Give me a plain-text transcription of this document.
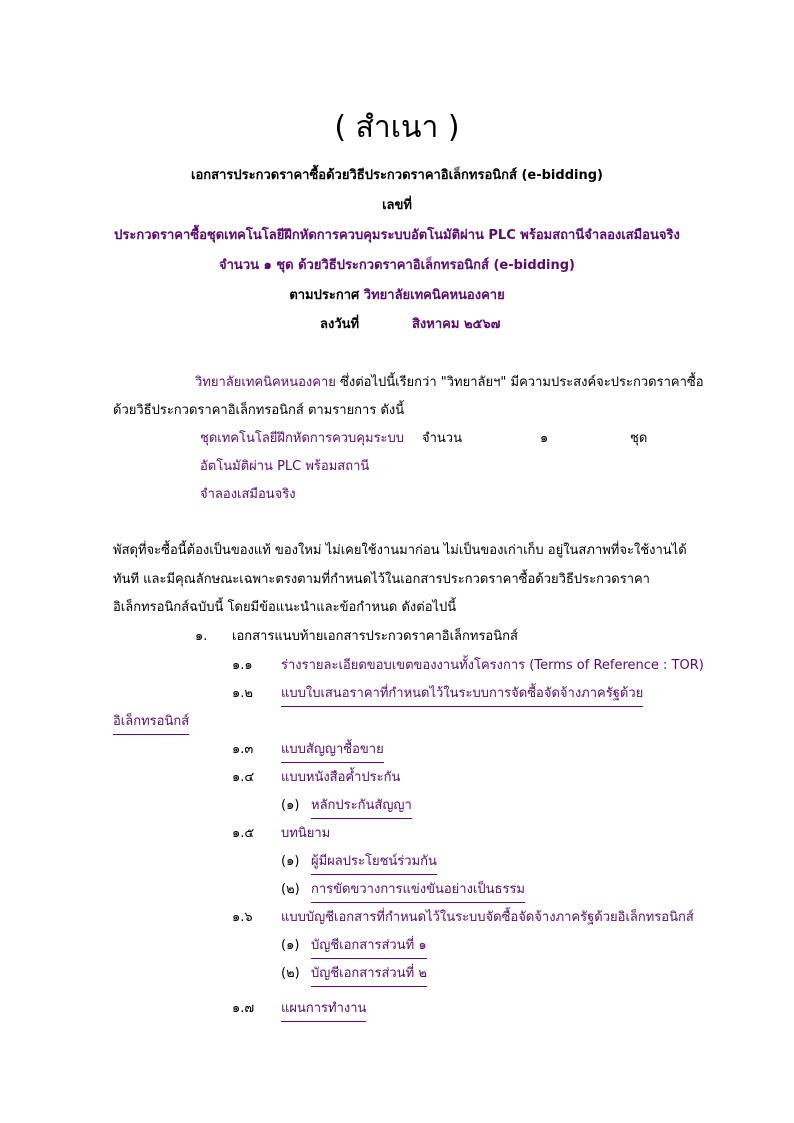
( สำเนา )
เอกสารประกวดราคาซื้อด้วยวิธีประกวดราคาอิเล็กทรอนิกส์ (e-bidding)
เลขที่
ประกวดราคาซื้อชุดเทคโนโลยีฝึกหัดการควบคุมระบบอัตโนมัติผ่าน PLC พร้อมสถานีจำลองเสมือนจริง
จำนวน ๑ ชุด ด้วยวิธีประกวดราคาอิเล็กทรอนิกส์ (e-bidding)
ตามประกาศ วิทยาลัยเทคนิคหนองคาย
ลงวันที่	สิงหาคม ๒๕๖๗
วิทยาลัยเทคนิคหนองคาย ซึ่งต่อไปนี้เรียกว่า "วิทยาลัยฯ" มีความประสงค์จะประกวดราคาซื้อ
ด้วยวิธีประกวดราคาอิเล็กทรอนิกส์ ตามรายการ ดังนี้
ชุดเทคโนโลยีฝึกหัดการควบคุมระบบ จำนวน	๑	ชุด
อัตโนมัติผ่าน PLC พร้อมสถานี
จำลองเสมือนจริง
พัสดุที่จะซื้อนี้ต้องเป็นของแท้ ของใหม่ ไม่เคยใช้งานมาก่อน ไม่เป็นของเก่าเก็บ อยู่ในสภาพที่จะใช้งานได้
ทันที และมีคุณลักษณะเฉพาะตรงตามที่กำหนดไว้ในเอกสารประกวดราคาซื้อด้วยวิธีประกวดราคา
อิเล็กทรอนิกส์ฉบับนี้ โดยมีข้อแนะนำและข้อกำหนด ดังต่อไปนี้
๑. เอกสารแนบท้ายเอกสารประกวดราคาอิเล็กทรอนิกส์
๑.๑ ร่างรายละเอียดขอบเขตของงานทั้งโครงการ (Terms of Reference : TOR)
๑.๒ แบบใบเสนอราคาที่กำหนดไว้ในระบบการจัดซื้อจัดจ้างภาครัฐด้วย
อิเล็กทรอนิกส์
๑.๓ แบบสัญญาซื้อขาย
๑.๔ แบบหนังสือค้ำประกัน
(๑) หลักประกันสัญญา
๑.๕ บทนิยาม
(๑) ผู้มีผลประโยชน์ร่วมกัน
(๒) การขัดขวางการแข่งขันอย่างเป็นธรรม
๑.๖ แบบบัญชีเอกสารที่กำหนดไว้ในระบบจัดซื้อจัดจ้างภาครัฐด้วยอิเล็กทรอนิกส์
(๑) บัญชีเอกสารส่วนที่ ๑
(๒) บัญชีเอกสารส่วนที่ ๒
๑.๗ แผนการทำงาน
